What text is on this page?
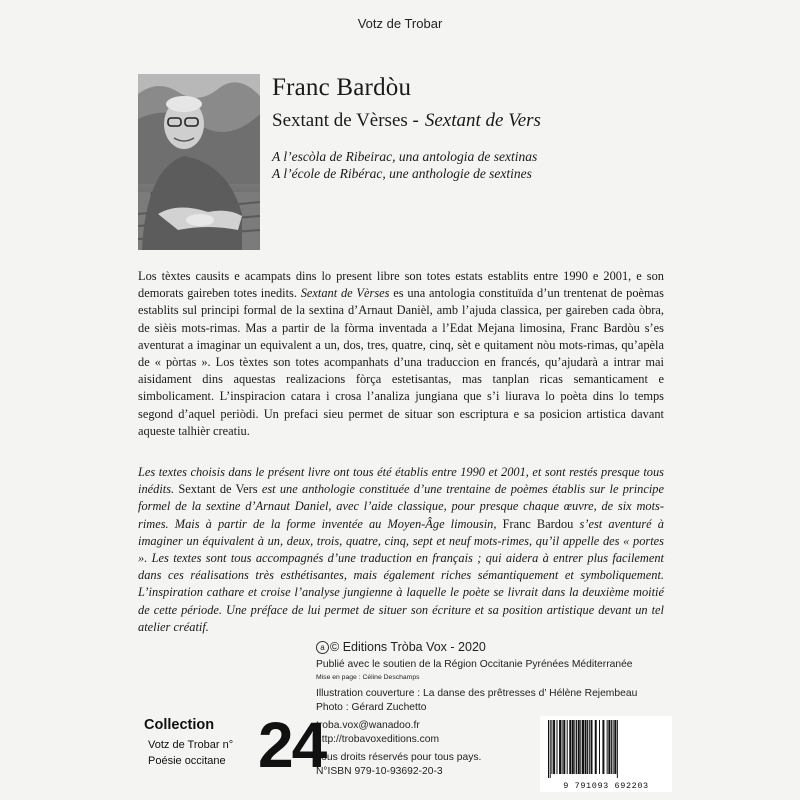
Votz de Trobar
Franc Bardòu
Sextant de Vèrses - Sextant de Vers
A l’escòla de Ribeirac, una antologia de sextinas
A l’école de Ribérac, une anthologie de sextines
Los tèxtes causits e acampats dins lo present libre son totes estats establits entre 1990 e 2001, e son demorats gaireben totes inedits. Sextant de Vèrses es una antologia constituïda d’un trentenat de poèmas establits sul principi formal de la sextina d’Arnaut Danièl, amb l’ajuda classica, per gaireben cada òbra, de sièis mots-rimas. Mas a partir de la fòrma inventada a l’Edat Mejana limosina, Franc Bardòu s’es aventurat a imaginar un equivalent a un, dos, tres, quatre, cinq, sèt e quitament nòu mots-rimas, qu’apèla de « pòrtas ». Los tèxtes son totes acompanhats d’una traduccion en francés, qu’ajudarà a intrar mai aisidament dins aquestas realizacions fòrça estetisantas, mas tanplan ricas semanticament e simbolicament. L’inspiracion catara i crosa l’analiza jungiana que s’i liurava lo poèta dins lo temps segond d’aquel periòdi. Un prefaci sieu permet de situar son escriptura e sa posicion artistica davant aqueste talhièr creatiu.
Les textes choisis dans le présent livre ont tous été établis entre 1990 et 2001, et sont restés presque tous inédits. Sextant de Vers est une anthologie constituée d’une trentaine de poèmes établis sur le principe formel de la sextine d’Arnaut Daniel, avec l’aide classique, pour presque chaque œuvre, de six mots-rimes. Mais à partir de la forme inventée au Moyen-Âge limousin, Franc Bardou s’est aventuré à imaginer un équivalent à un, deux, trois, quatre, cinq, sept et neuf mots-rimes, qu’il appelle des « portes ». Les textes sont tous accompagnés d’une traduction en français ; qui aidera à entrer plus facilement dans ces réalisations très esthétisantes, mais également riches sémantiquement et symboliquement. L’inspiration cathare et croise l’analyse jungienne à laquelle le poète se livrait dans la deuxième moitié de cette période. Une préface de lui permet de situer son écriture et sa position artistique devant un tel atelier créatif.
a © Editions Tròba Vox - 2020
Publié avec le soutien de la Région Occitanie Pyrénées Méditerranée
Mise en page : Céline Deschamps
Illustration couverture : La danse des prêtresses d’ Hélène Rejembeau
Photo : Gérard Zuchetto
troba.vox@wanadoo.fr
http://trobavoxeditions.com
Tous droits réservés pour tous pays.
N°ISBN 979-10-93692-20-3
Collection
Votz de Trobar n°
Poésie occitane 24
9 791093 692203
